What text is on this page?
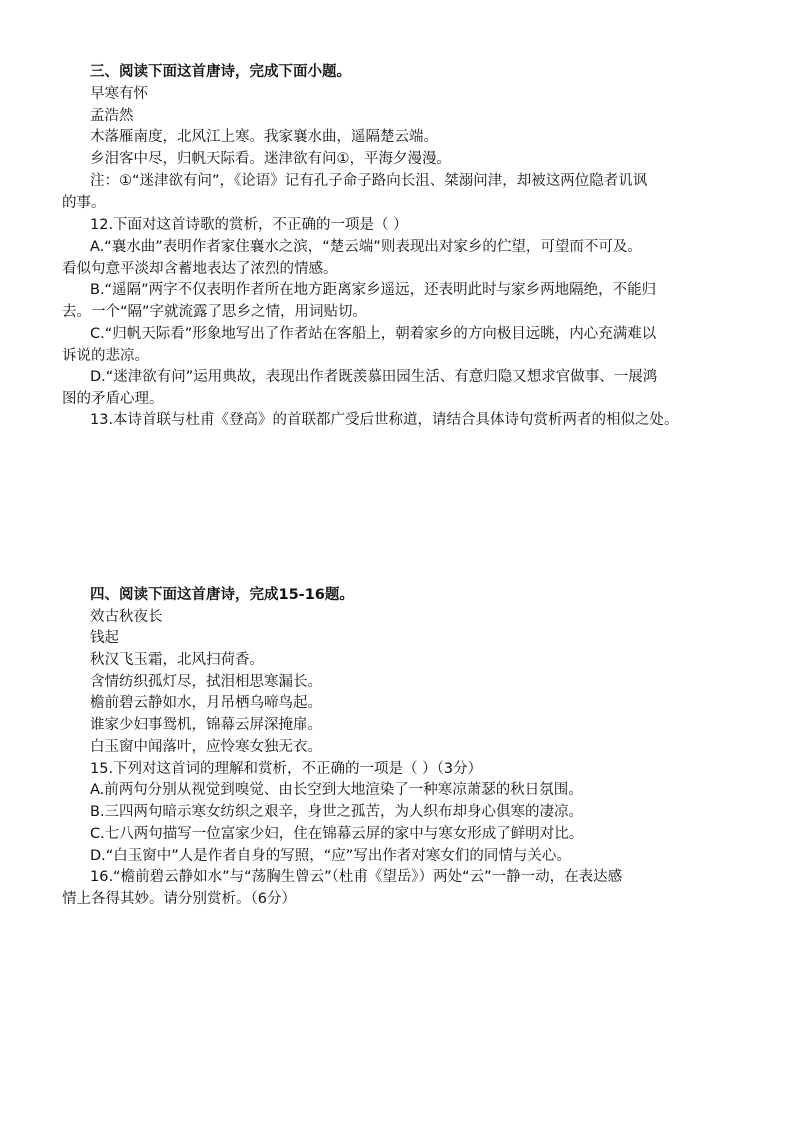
三、阅读下面这首唐诗，完成下面小题。
早寒有怀
孟浩然
木落雁南度，北风江上寒。我家襄水曲，遥隔楚云端。
乡泪客中尽，归帆天际看。迷津欲有问①，平海夕漫漫。
注：①“迷津欲有问”，《论语》记有孔子命子路向长沮、桀溺问津，却被这两位隐者讥讽
的事。
12.下面对这首诗歌的赏析，不正确的一项是（ ）
A.“襄水曲”表明作者家住襄水之滨，“楚云端”则表现出对家乡的伫望，可望而不可及。
看似句意平淡却含蓄地表达了浓烈的情感。
B.“遥隔”两字不仅表明作者所在地方距离家乡遥远，还表明此时与家乡两地隔绝，不能归
去。一个“隔”字就流露了思乡之情，用词贴切。
C.“归帆天际看”形象地写出了作者站在客船上，朝着家乡的方向极目远眺，内心充满难以
诉说的悲凉。
D.“迷津欲有问”运用典故，表现出作者既羡慕田园生活、有意归隐又想求官做事、一展鸿
图的矛盾心理。
13.本诗首联与杜甫《登高》的首联都广受后世称道，请结合具体诗句赏析两者的相似之处。
四、阅读下面这首唐诗，完成15-16题。
效古秋夜长
钱起
秋汉飞玉霜，北风扫荷香。
含情纺织孤灯尽，拭泪相思寒漏长。
檐前碧云静如水，月吊栖乌啼鸟起。
谁家少妇事鸳机，锦幕云屏深掩扉。
白玉窗中闻落叶，应怜寒女独无衣。
15.下列对这首词的理解和赏析，不正确的一项是（ ）（3分）
A.前两句分别从视觉到嗅觉、由长空到大地渲染了一种寒凉萧瑟的秋日氛围。
B.三四两句暗示寒女纺织之艰辛，身世之孤苦，为人织布却身心俱寒的凄凉。
C.七八两句描写一位富家少妇，住在锦幕云屏的家中与寒女形成了鲜明对比。
D.“白玉窗中”人是作者自身的写照，“应”写出作者对寒女们的同情与关心。
16.“檐前碧云静如水”与“荡胸生曾云”（杜甫《望岳》）两处“云”一静一动，在表达感
情上各得其妙。请分别赏析。（6分）
